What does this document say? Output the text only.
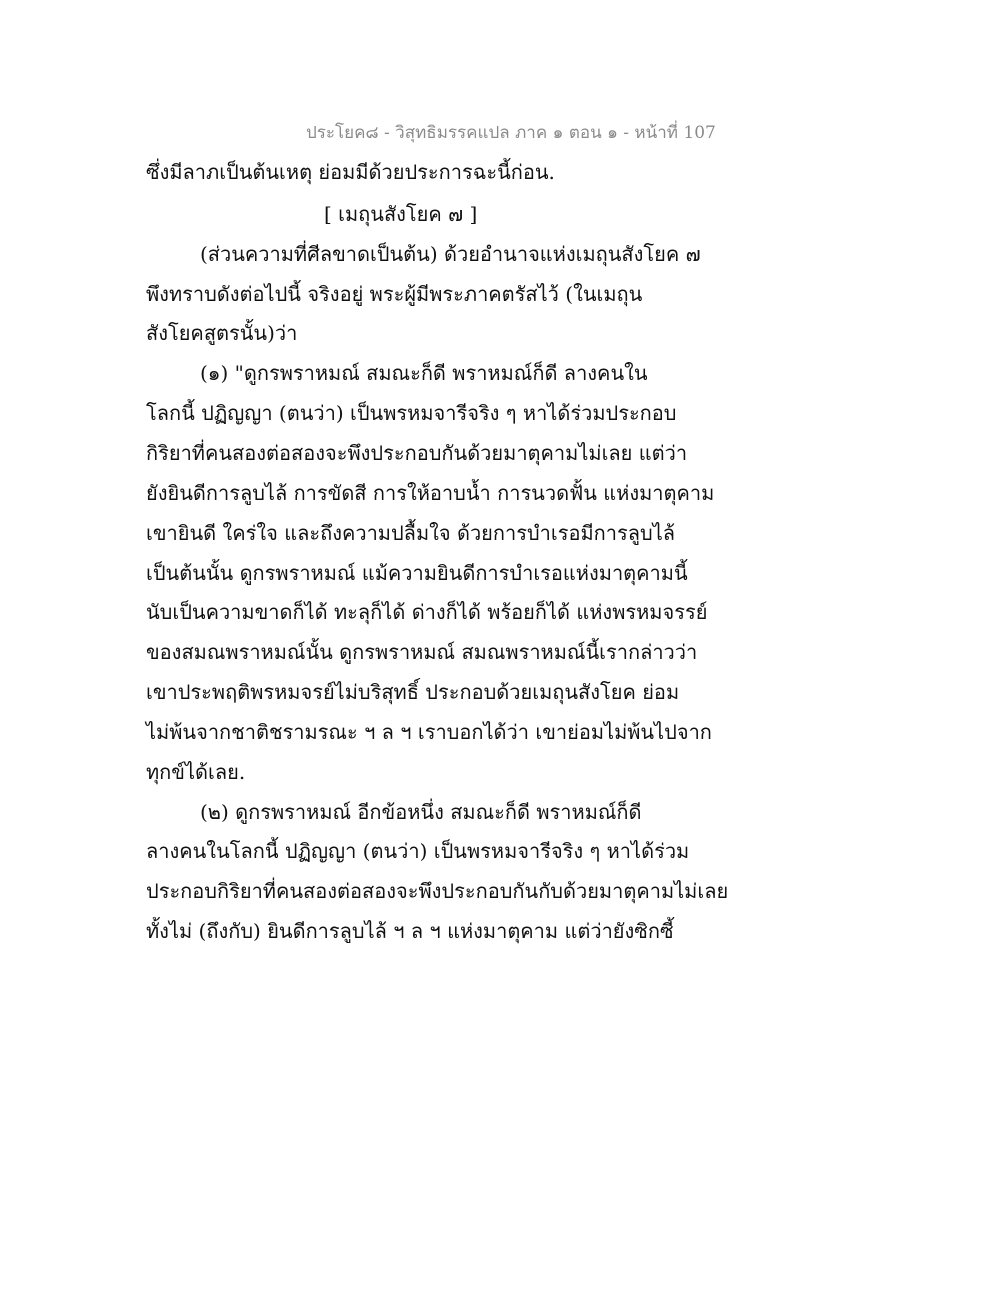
ประโยค๘ - วิสุทธิมรรคแปล ภาค ๑ ตอน ๑ - หน้าที่ 107
ซึ่งมีลาภเป็นต้นเหตุ ย่อมมีด้วยประการฉะนี้ก่อน.
[ เมถุนสังโยค ๗ ]
(ส่วนความที่ศีลขาดเป็นต้น) ด้วยอำนาจแห่งเมถุนสังโยค ๗
พึงทราบดังต่อไปนี้ จริงอยู่ พระผู้มีพระภาคตรัสไว้ (ในเมถุน
สังโยคสูตรนั้น)ว่า
(๑) "ดูกรพราหมณ์ สมณะก็ดี พราหมณ์ก็ดี ลางคนใน
โลกนี้ ปฏิญญา (ตนว่า) เป็นพรหมจารีจริง ๆ หาได้ร่วมประกอบ
กิริยาที่คนสองต่อสองจะพึงประกอบกันด้วยมาตุคามไม่เลย แต่ว่า
ยังยินดีการลูบไล้ การขัดสี การให้อาบน้ำ การนวดฟั้น แห่งมาตุคาม
เขายินดี ใคร่ใจ และถึงความปลื้มใจ ด้วยการบำเรอมีการลูบไล้
เป็นต้นนั้น ดูกรพราหมณ์ แม้ความยินดีการบำเรอแห่งมาตุคามนี้
นับเป็นความขาดก็ได้ ทะลุก็ได้ ด่างก็ได้ พร้อยก็ได้ แห่งพรหมจรรย์
ของสมณพราหมณ์นั้น ดูกรพราหมณ์ สมณพราหมณ์นี้เรากล่าวว่า
เขาประพฤติพรหมจรย์ไม่บริสุทธิ์ ประกอบด้วยเมถุนสังโยค ย่อม
ไม่พ้นจากชาติชรามรณะ ฯ ล ฯ เราบอกได้ว่า เขาย่อมไม่พ้นไปจาก
ทุกข์ได้เลย.
(๒) ดูกรพราหมณ์ อีกข้อหนึ่ง สมณะก็ดี พราหมณ์ก็ดี
ลางคนในโลกนี้ ปฏิญญา (ตนว่า) เป็นพรหมจารีจริง ๆ หาได้ร่วม
ประกอบกิริยาที่คนสองต่อสองจะพึงประกอบกันกับด้วยมาตุคามไม่เลย
ทั้งไม่ (ถึงกับ) ยินดีการลูบไล้ ฯ ล ฯ แห่งมาตุคาม แต่ว่ายังซิกซี้
